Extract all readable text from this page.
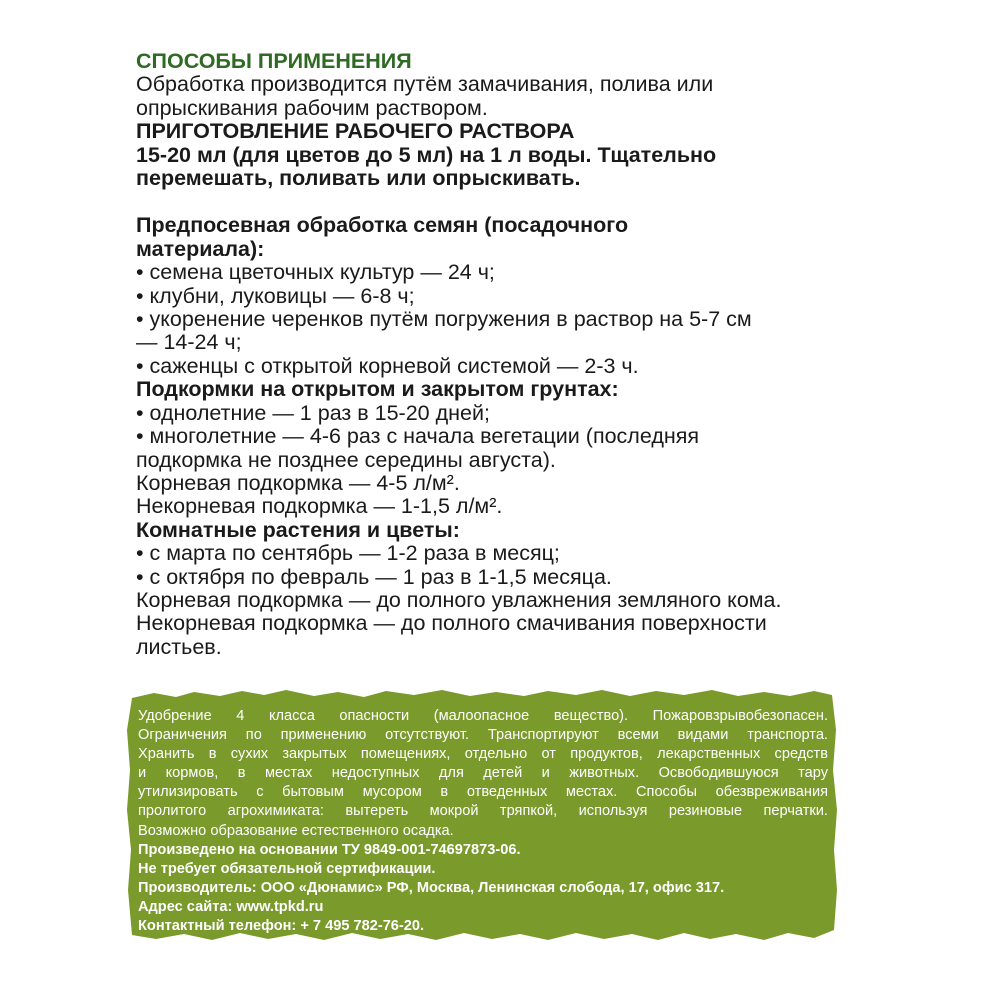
СПОСОБЫ ПРИМЕНЕНИЯ
Обработка производится путём замачивания, полива или
опрыскивания рабочим раствором.
ПРИГОТОВЛЕНИЕ РАБОЧЕГО РАСТВОРА
15-20 мл (для цветов до 5 мл) на 1 л воды. Тщательно
перемешать, поливать или опрыскивать.
Предпосевная обработка семян (посадочного
материала):
• семена цветочных культур — 24 ч;
• клубни, луковицы — 6-8 ч;
• укоренение черенков путём погружения в раствор на 5-7 см
— 14-24 ч;
• саженцы с открытой корневой системой — 2-3 ч.
Подкормки на открытом и закрытом грунтах:
• однолетние — 1 раз в 15-20 дней;
• многолетние — 4-6 раз с начала вегетации (последняя
подкормка не позднее середины августа).
Корневая подкормка — 4-5 л/м².
Некорневая подкормка — 1-1,5 л/м².
Комнатные растения и цветы:
• с марта по сентябрь — 1-2 раза в месяц;
• с октября по февраль — 1 раз в 1-1,5 месяца.
Корневая подкормка — до полного увлажнения земляного кома.
Некорневая подкормка — до полного смачивания поверхности
листьев.
Удобрение 4 класса опасности (малоопасное вещество). Пожаровзрывобезопасен.
Ограничения по применению отсутствуют. Транспортируют всеми видами транспорта.
Хранить в сухих закрытых помещениях, отдельно от продуктов, лекарственных средств
и кормов, в местах недоступных для детей и животных. Освободившуюся тару
утилизировать с бытовым мусором в отведенных местах. Способы обезвреживания
пролитого агрохимиката: вытереть мокрой тряпкой, используя резиновые перчатки.
Возможно образование естественного осадка.
Произведено на основании ТУ 9849-001-74697873-06.
Не требует обязательной сертификации.
Производитель: ООО «Дюнамис» РФ, Москва, Ленинская слобода, 17, офис 317.
Адрес сайта: www.tpkd.ru
Контактный телефон: + 7 495 782-76-20.
Срок годности неограничен.
